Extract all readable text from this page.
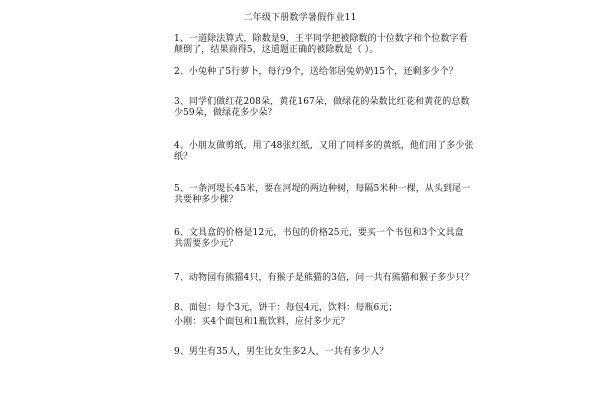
二年级下册数学暑假作业11
1、一道除法算式，除数是9，王平同学把被除数的十位数字和个位数字看
颠倒了，结果商得5，这道题正确的被除数是（ ）。
2、小兔种了5行萝卜，每行9个，送给邻居兔奶奶15个，还剩多少个？
3、同学们做红花208朵，黄花167朵，做绿花的朵数比红花和黄花的总数
少59朵，做绿花多少朵？
4、小朋友做剪纸，用了48张红纸，又用了同样多的黄纸，他们用了多少张
纸？
5、一条河堤长45米，要在河堤的两边种树，每隔5米种一棵，从头到尾一
共要种多少棵？
6、文具盒的价格是12元，书包的价格25元，要买一个书包和3个文具盒
共需要多少元？
7、动物园有熊猫4只，有猴子是熊猫的3倍，问一共有熊猫和猴子多少只？
8、面包：每个3元，饼干：每包4元，饮料：每瓶6元；
小刚：买4个面包和1瓶饮料，应付多少元？
9、男生有35人，男生比女生多2人，一共有多少人？
